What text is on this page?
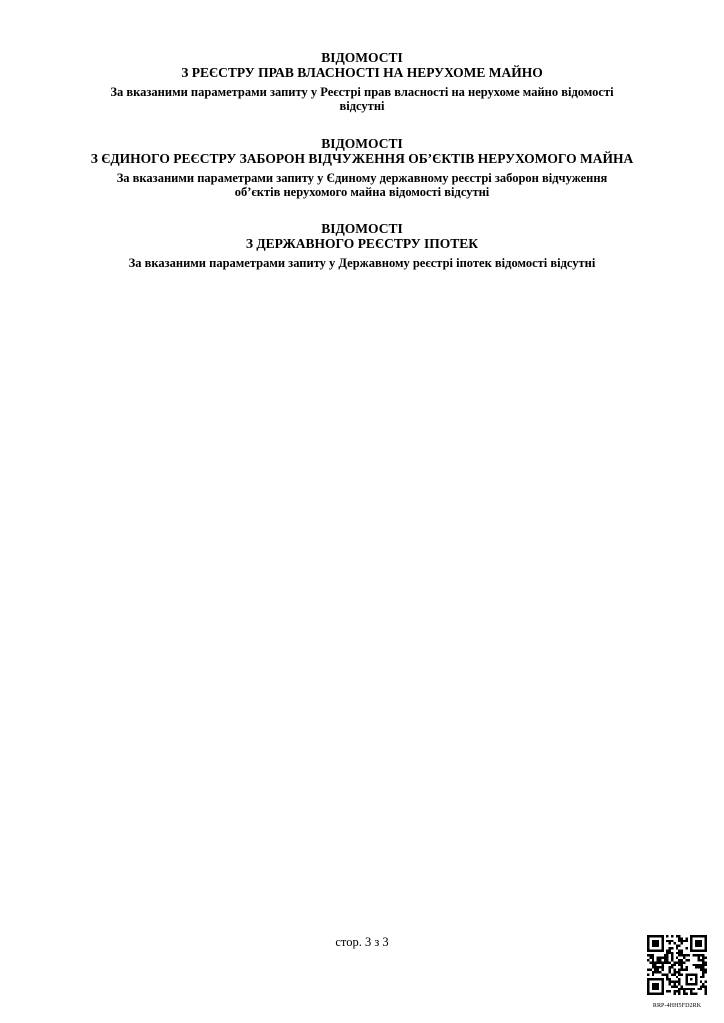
ВІДОМОСТІ

З РЕЄСТРУ ПРАВ ВЛАСНОСТІ НА НЕРУХОМЕ МАЙНО

За вказаними параметрами запиту у Реєстрі прав власності на нерухоме майно відомості
відсутні

ВІДОМОСТІ

З ЄДИНОГО РЕЄСТРУ ЗАБОРОН ВІДЧУЖЕННЯ ОБ’ЄКТІВ НЕРУХОМОГО МАЙНА

За вказаними параметрами запиту у Єдиному державному реєстрі заборон відчуження
об’єктів нерухомого майна відомості відсутні

ВІДОМОСТІ

З ДЕРЖАВНОГО РЕЄСТРУ ІПОТЕК

За вказаними параметрами запиту у Державному реєстрі іпотек відомості відсутні

стор. 3 з 3
RRP-4HH5FD2RK
